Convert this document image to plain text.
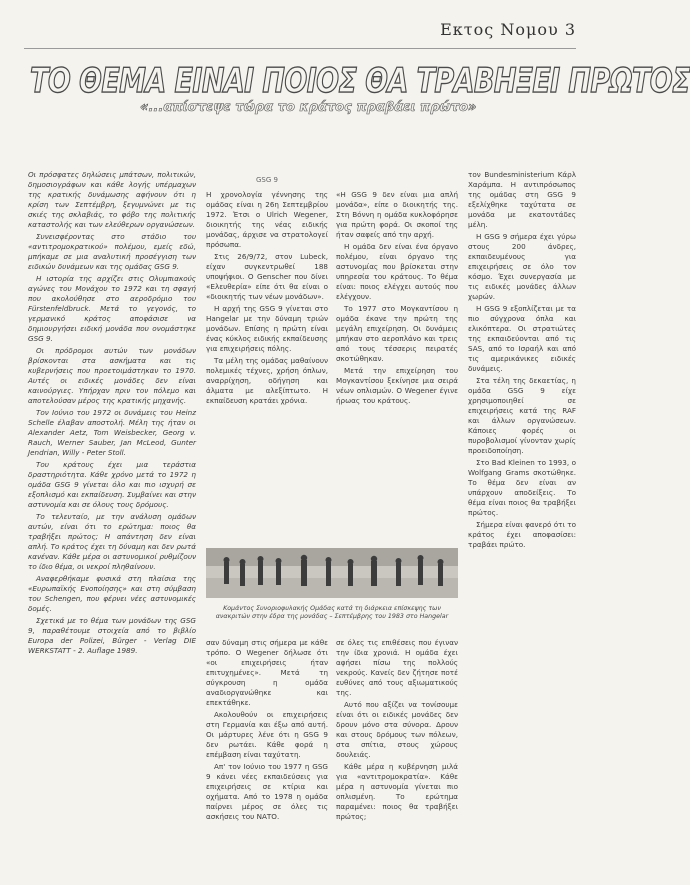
Εκτος Νομου 3
ΤΟ ΘΕΜΑ ΕΙΝΑΙ ΠΟΙΟΣ ΘΑ ΤΡΑΒΗΞΕΙ ΠΡΩΤΟΣ
«...απίστεψε τώρα το κράτος πραβάει πρώτο»

Οι πρόσφατες δηλώσεις μπάτσων, πολιτικών, δημοσιογράφων και κάθε λογής υπέρμαχων της κρατικής δυνάμωσης αφήνουν ότι η κρίση των Σεπτέμβρη, ξεγυμνώνει με τις σκιές της σκλαβιάς, το φόβο της πολιτικής καταστολής και των ελεύθερων οργανώσεων.

Συνεισφέροντας στο στάδιο του «αντιτρομοκρατικού» πολέμου, εμείς εδώ, μπήκαμε σε μια αναλυτική προσέγγιση των ειδικών δυνάμεων και της ομάδας GSG 9.

Η ιστορία της αρχίζει στις Ολυμπιακούς αγώνες του Μονάχου το 1972 και τη σφαγή που ακολούθησε στο αεροδρόμιο του Fürstenfeldbruck. Μετά το γεγονός, το γερμανικό κράτος αποφάσισε να δημιουργήσει ειδική μονάδα που ονομάστηκε GSG 9.

Οι πρόδρομοι αυτών των μονάδων βρίσκονται στα ασκήματα και τις κυβερνήσεις που προετοιμάστηκαν το 1970. Αυτές οι ειδικές μονάδες δεν είναι καινούργιες. Υπήρχαν πριν τον πόλεμο και αποτελούσαν μέρος της κρατικής μηχανής.

Τον Ιούνιο του 1972 οι δυνάμεις του Heinz Schelle έλαβαν αποστολή. Μέλη της ήταν οι Alexander Aetz, Tom Weisbecker, Georg v. Rauch, Werner Sauber, Jan McLeod, Gunter Jendrian, Willy - Peter Stoll.

Του κράτους έχει μια τεράστια δραστηριότητα. Κάθε χρόνο μετά το 1972 η ομάδα GSG 9 γίνεται όλο και πιο ισχυρή σε εξοπλισμό και εκπαίδευση. Συμβαίνει και στην αστυνομία και σε όλους τους δρόμους.

Το τελευταίο, με την ανάλυση ομάδων αυτών, είναι ότι το ερώτημα: ποιος θα τραβήξει πρώτος; Η απάντηση δεν είναι απλή. Το κράτος έχει τη δύναμη και δεν ρωτά κανέναν. Κάθε μέρα οι αστυνομικοί ρυθμίζουν το ίδιο θέμα, οι νεκροί πληθαίνουν.

Αναφερθήκαμε φυσικά στη πλαίσια της «Ευρωπαϊκής Ενοποίησης» και στη σύμβαση του Schengen, που φέρνει νέες αστυνομικές δομές.

Σχετικά με το θέμα των μονάδων της GSG 9, παραθέτουμε στοιχεία από το βιβλίο Europa der Polizei, Bürger - Verlag DIE WERKSTATT - 2. Auflage 1989.

GSG 9

Η χρονολογία γέννησης της ομάδας είναι η 26η Σεπτεμβρίου 1972. Έτσι ο Ulrich Wegener, διοικητής της νέας ειδικής μονάδας, άρχισε να στρατολογεί πρόσωπα.

Στις 26/9/72, στον Lubeck, είχαν συγκεντρωθεί 188 υποψήφιοι. Ο Genscher που δίνει «Ελευθερία» είπε ότι θα είναι ο «διοικητής των νέων μονάδων».

Η αρχή της GSG 9 γίνεται στο Hangelar με την δύναμη τριών μονάδων. Επίσης η πρώτη είναι ένας κύκλος ειδικής εκπαίδευσης για επιχειρήσεις πόλης.

Τα μέλη της ομάδας μαθαίνουν πολεμικές τέχνες, χρήση όπλων, αναρρίχηση, οδήγηση και άλματα με αλεξίπτωτο. Η εκπαίδευση κρατάει χρόνια.

«Η GSG 9 δεν είναι μια απλή μονάδα», είπε ο διοικητής της. Στη Βόννη η ομάδα κυκλοφόρησε για πρώτη φορά. Οι σκοποί της ήταν σαφείς από την αρχή.

Η ομάδα δεν είναι ένα όργανο πολέμου, είναι όργανο της αστυνομίας που βρίσκεται στην υπηρεσία του κράτους. Το θέμα είναι: ποιος ελέγχει αυτούς που ελέγχουν.

Το 1977 στο Μογκαντίσου η ομάδα έκανε την πρώτη της μεγάλη επιχείρηση. Οι δυνάμεις μπήκαν στο αεροπλάνο και τρεις από τους τέσσερις πειρατές σκοτώθηκαν.

Μετά την επιχείρηση του Μογκαντίσου ξεκίνησε μια σειρά νέων οπλισμών. Ο Wegener έγινε ήρωας του κράτους.

τον Bundesministerium Κάρλ Χαράμπα. Η αντιπρόσωπος της ομάδας στη GSG 9 εξελίχθηκε ταχύτατα σε μονάδα με εκατοντάδες μέλη.

Η GSG 9 σήμερα έχει γύρω στους 200 άνδρες, εκπαιδευμένους για επιχειρήσεις σε όλο τον κόσμο. Έχει συνεργασία με τις ειδικές μονάδες άλλων χωρών.

Η GSG 9 εξοπλίζεται με τα πιο σύγχρονα όπλα και ελικόπτερα. Οι στρατιώτες της εκπαιδεύονται από τις SAS, από το Ισραήλ και από τις αμερικάνικες ειδικές δυνάμεις.

Στα τέλη της δεκαετίας, η ομάδα GSG 9 είχε χρησιμοποιηθεί σε επιχειρήσεις κατά της RAF και άλλων οργανώσεων. Κάποιες φορές οι πυροβολισμοί γίνονταν χωρίς προειδοποίηση.

Στο Bad Kleinen το 1993, ο Wolfgang Grams σκοτώθηκε. Το θέμα δεν είναι αν υπάρχουν αποδείξεις. Το θέμα είναι ποιος θα τραβήξει πρώτος.

Σήμερα είναι φανερό ότι το κράτος έχει αποφασίσει: τραβάει πρώτο.

Κομάντος Συνοριοφυλακής Ομάδας κατά τη διάρκεια επίσκεψης των ανακριτών στην έδρα της μονάδας – Σεπτέμβρης του 1983 στο Hangelar

σαν δύναμη στις σήμερα με κάθε τρόπο. Ο Wegener δήλωσε ότι «οι επιχειρήσεις ήταν επιτυχημένες». Μετά τη σύγκρουση η ομάδα αναδιοργανώθηκε και επεκτάθηκε.

Ακολουθούν οι επιχειρήσεις στη Γερμανία και έξω από αυτή. Οι μάρτυρες λένε ότι η GSG 9 δεν ρωτάει. Κάθε φορά η επέμβαση είναι ταχύτατη.

Απ' τον Ιούνιο του 1977 η GSG 9 κάνει νέες εκπαιδεύσεις για επιχειρήσεις σε κτίρια και οχήματα. Από το 1978 η ομάδα παίρνει μέρος σε όλες τις ασκήσεις του ΝΑΤΟ.

σε όλες τις επιθέσεις που έγιναν την ίδια χρονιά. Η ομάδα έχει αφήσει πίσω της πολλούς νεκρούς. Κανείς δεν ζήτησε ποτέ ευθύνες από τους αξιωματικούς της.

Αυτό που αξίζει να τονίσουμε είναι ότι οι ειδικές μονάδες δεν δρουν μόνο στα σύνορα. Δρουν και στους δρόμους των πόλεων, στα σπίτια, στους χώρους δουλειάς.

Κάθε μέρα η κυβέρνηση μιλά για «αντιτρομοκρατία». Κάθε μέρα η αστυνομία γίνεται πιο οπλισμένη. Το ερώτημα παραμένει: ποιος θα τραβήξει πρώτος;
